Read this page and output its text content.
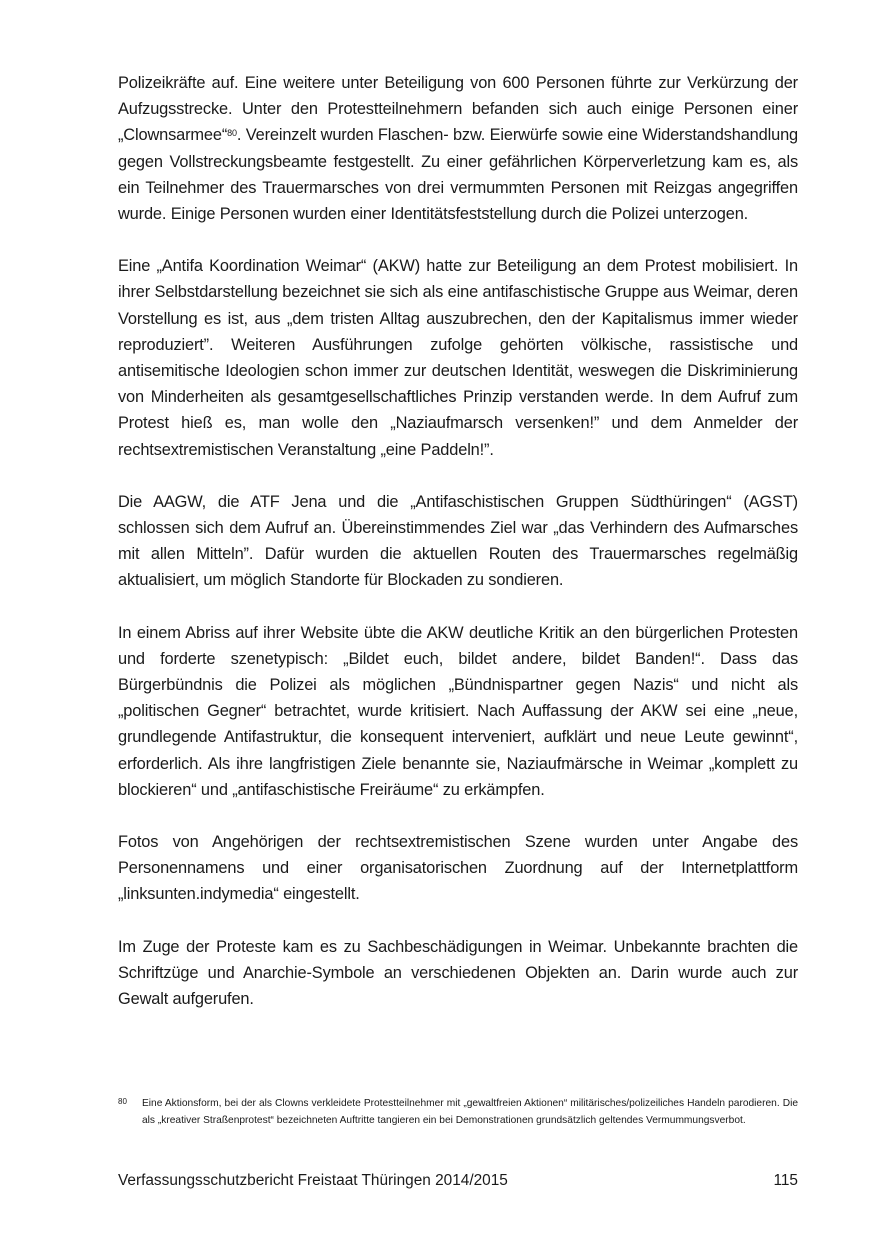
Polizeikräfte auf. Eine weitere unter Beteiligung von 600 Personen führte zur Verkürzung der Aufzugsstrecke. Unter den Protestteilnehmern befanden sich auch einige Personen einer „Clownsarmee“$^{80}$. Vereinzelt wurden Flaschen- bzw. Eierwürfe sowie eine Widerstandshandlung gegen Vollstreckungsbeamte festgestellt. Zu einer gefährlichen Körperverletzung kam es, als ein Teilnehmer des Trauermarsches von drei vermummten Personen mit Reizgas angegriffen wurde. Einige Personen wurden einer Identitätsfeststellung durch die Polizei unterzogen.

Eine „Antifa Koordination Weimar“ (AKW) hatte zur Beteiligung an dem Protest mobilisiert. In ihrer Selbstdarstellung bezeichnet sie sich als eine antifaschistische Gruppe aus Weimar, deren Vorstellung es ist, aus „dem tristen Alltag auszubrechen, den der Kapitalismus immer wieder reproduziert”. Weiteren Ausführungen zufolge gehörten völkische, rassistische und antisemitische Ideologien schon immer zur deutschen Identität, weswegen die Diskriminierung von Minderheiten als gesamtgesellschaftliches Prinzip verstanden werde. In dem Aufruf zum Protest hieß es, man wolle den „Naziaufmarsch versenken!” und dem Anmelder der rechtsextremistischen Veranstaltung „eine Paddeln!”.

Die AAGW, die ATF Jena und die „Antifaschistischen Gruppen Südthüringen“ (AGST) schlossen sich dem Aufruf an. Übereinstimmendes Ziel war „das Verhindern des Aufmarsches mit allen Mitteln”. Dafür wurden die aktuellen Routen des Trauermarsches regelmäßig aktualisiert, um möglich Standorte für Blockaden zu sondieren.

In einem Abriss auf ihrer Website übte die AKW deutliche Kritik an den bürgerlichen Protesten und forderte szenetypisch: „Bildet euch, bildet andere, bildet Banden!“. Dass das Bürgerbündnis die Polizei als möglichen „Bündnispartner gegen Nazis“ und nicht als „politischen Gegner“ betrachtet, wurde kritisiert. Nach Auffassung der AKW sei eine „neue, grundlegende Antifastruktur, die konsequent interveniert, aufklärt und neue Leute gewinnt“, erforderlich. Als ihre langfristigen Ziele benannte sie, Naziaufmärsche in Weimar „komplett zu blockieren“ und „antifaschistische Freiräume“ zu erkämpfen.

Fotos von Angehörigen der rechtsextremistischen Szene wurden unter Angabe des Personennamens und einer organisatorischen Zuordnung auf der Internetplattform „linksunten.indymedia“ eingestellt.

Im Zuge der Proteste kam es zu Sachbeschädigungen in Weimar. Unbekannte brachten die Schriftzüge und Anarchie-Symbole an verschiedenen Objekten an. Darin wurde auch zur Gewalt aufgerufen.

80	Eine Aktionsform, bei der als Clowns verkleidete Protestteilnehmer mit „gewaltfreien Aktionen“ militärisches/polizeiliches Handeln parodieren. Die als „kreativer Straßenprotest“ bezeichneten Auftritte tangieren ein bei Demonstrationen grundsätzlich geltendes Vermummungsverbot.
Verfassungsschutzbericht Freistaat Thüringen 2014/2015	115
